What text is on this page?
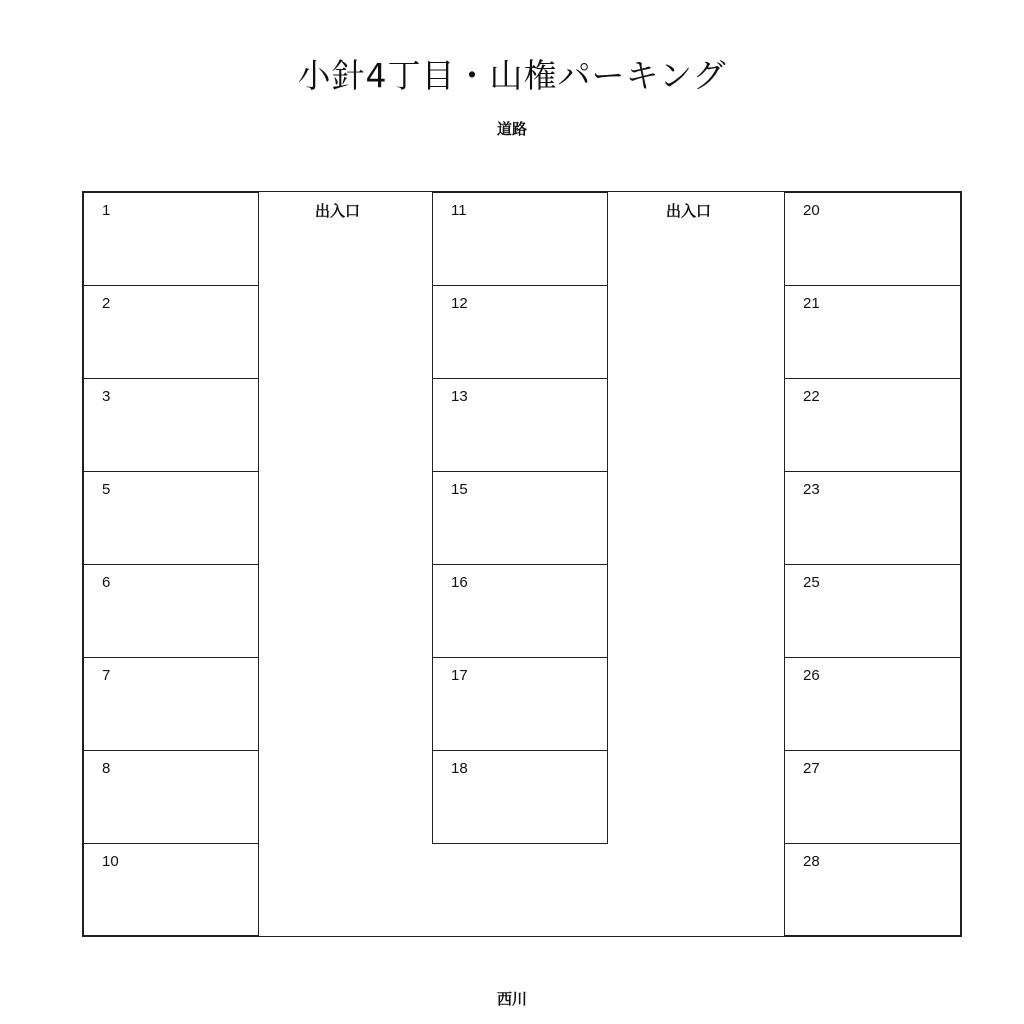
小針4丁目・山権パーキング
道路
出入口	出入口
1
2
3
5
6
7
8
10
11
12
13
15
16
17
18
20
21
22
23
25
26
27
28
西川
